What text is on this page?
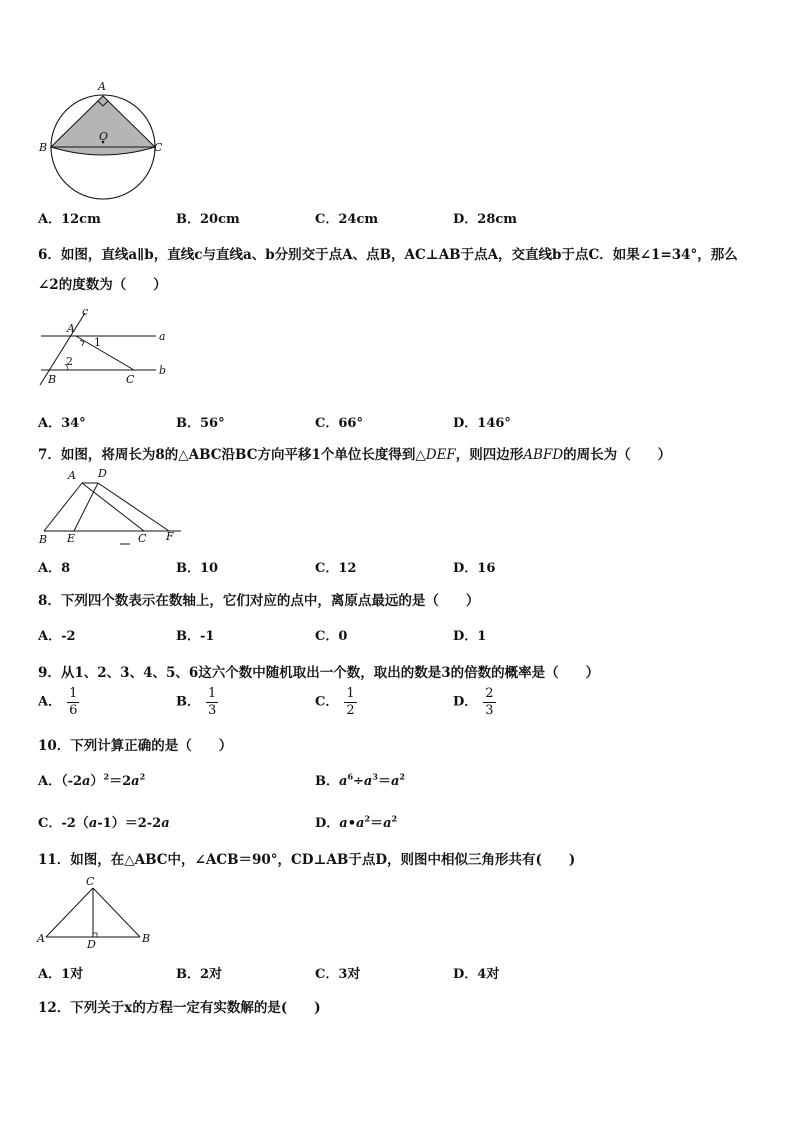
A
O
B	C
A．12cm	B．20cm	C．24cm	D．28cm
6．如图，直线a∥b，直线c与直线a、b分别交于点A、点B，AC⊥AB于点A，交直线b于点C．如果∠1=34°，那么
∠2的度数为（　　）
c
A
1	a
2
B	C
b
A．34°	B．56°	C．66°	D．146°
7．如图，将周长为8的△ABC沿BC方向平移1个单位长度得到△DEF，则四边形ABFD的周长为（　　）
A D
B E	C F
A．8	B．10	C．12	D．16
8．下列四个数表示在数轴上，它们对应的点中，离原点最远的是（　　）
A．-2	B．-1	C．0	D．1
9．从1、2、3、4、5、6这六个数中随机取出一个数，取出的数是3的倍数的概率是（　　）
A． $\frac{1}{6}$	B． $\frac{1}{3}$	C． $\frac{1}{2}$	D． $\frac{2}{3}$
10．下列计算正确的是（　　）
A．$(-2a)^2=2a^2$	B．$a^6\div a^3=a^2$
C．-2（a-1）＝2-2a	D．$a•a^2=a^2$
11．如图，在△ABC中，∠ACB＝90°，CD⊥AB于点D，则图中相似三角形共有(　　)
C
A	D	B
A．1对	B．2对	C．3对	D．4对
12．下列关于x的方程一定有实数解的是(　　)
